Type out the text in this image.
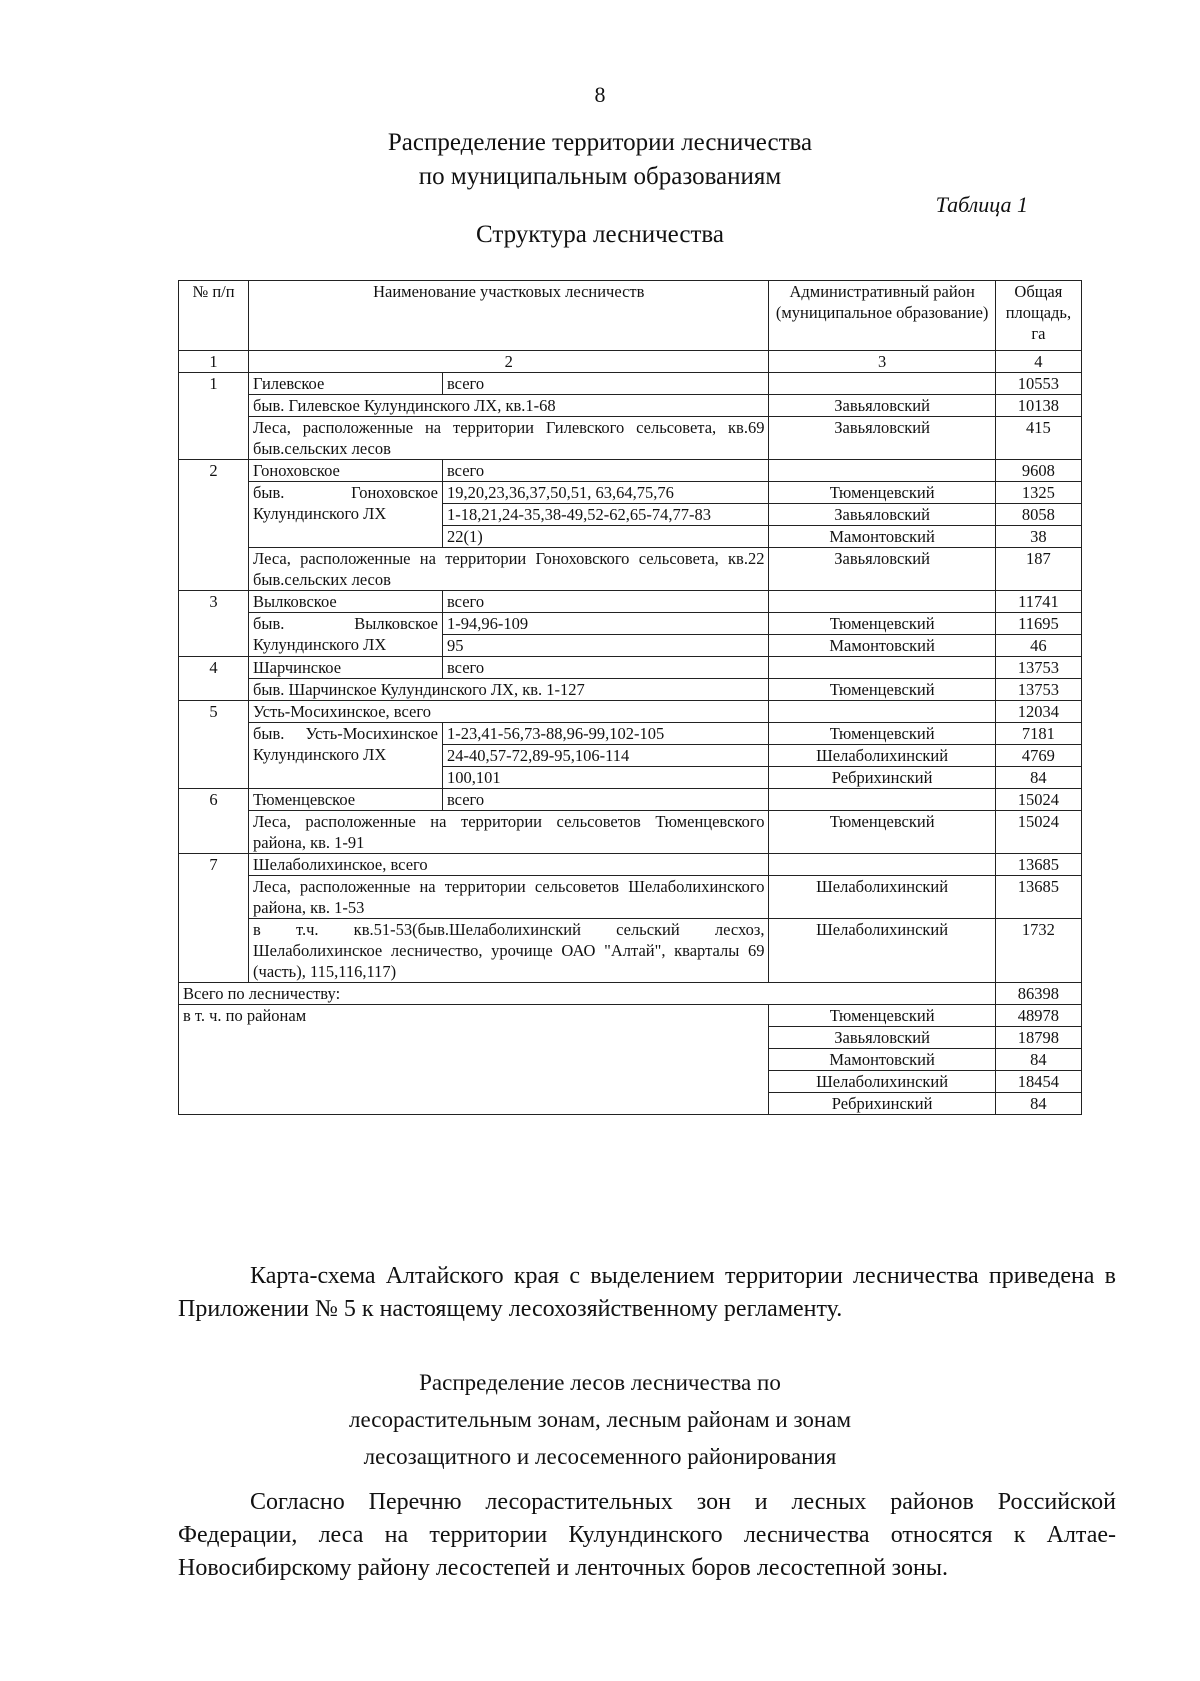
8
Распределение территории лесничества
по муниципальным образованиям
Таблица 1
Структура лесничества
№ п/п	Наименование участковых лесничеств		Административный район (муниципальное образование)	Общая площадь, га
1	2		3	4
1	Гилевское	всего		10553
	быв. Гилевское Кулундинского ЛХ, кв.1-68		Завьяловский	10138
	Леса, расположенные на территории Гилевского сельсовета, кв.69 быв.сельских лесов		Завьяловский	415
2	Гоноховское	всего		9608
	быв. Гоноховское Кулундинского ЛХ	19,20,23,36,37,50,51, 63,64,75,76	Тюменцевский	1325
		1-18,21,24-35,38-49,52-62,65-74,77-83	Завьяловский	8058
		22(1)	Мамонтовский	38
	Леса, расположенные на территории Гоноховского сельсовета, кв.22 быв.сельских лесов		Завьяловский	187
3	Вылковское	всего		11741
	быв. Вылковское Кулундинского ЛХ	1-94,96-109	Тюменцевский	11695
		95	Мамонтовский	46
4	Шарчинское	всего		13753
	быв. Шарчинское Кулундинского ЛХ, кв. 1-127		Тюменцевский	13753
5	Усть-Мосихинское, всего			12034
	быв. Усть-Мосихинское Кулундинского ЛХ	1-23,41-56,73-88,96-99,102-105	Тюменцевский	7181
		24-40,57-72,89-95,106-114	Шелаболихинский	4769
		100,101	Ребрихинский	84
6	Тюменцевское	всего		15024
	Леса, расположенные на территории сельсоветов Тюменцевского района, кв. 1-91		Тюменцевский	15024
7	Шелаболихинское, всего			13685
	Леса, расположенные на территории сельсоветов Шелаболихинского района, кв. 1-53		Шелаболихинский	13685
	в т.ч. кв.51-53(быв.Шелаболихинский сельский лесхоз, Шелаболихинское лесничество, урочище ОАО "Алтай", кварталы 69 (часть), 115,116,117)		Шелаболихинский	1732
Всего по лесничеству:				86398
в т. ч. по районам			Тюменцевский	48978
			Завьяловский	18798
			Мамонтовский	84
			Шелаболихинский	18454
			Ребрихинский	84
Карта-схема Алтайского края с выделением территории лесничества приведена в Приложении № 5 к настоящему лесохозяйственному регламенту.
Распределение лесов лесничества по
лесорастительным зонам, лесным районам и зонам
лесозащитного и лесосеменного районирования
Согласно Перечню лесорастительных зон и лесных районов Российской Федерации, леса на территории Кулундинского лесничества относятся к Алтае-Новосибирскому району лесостепей и ленточных боров лесостепной зоны.
